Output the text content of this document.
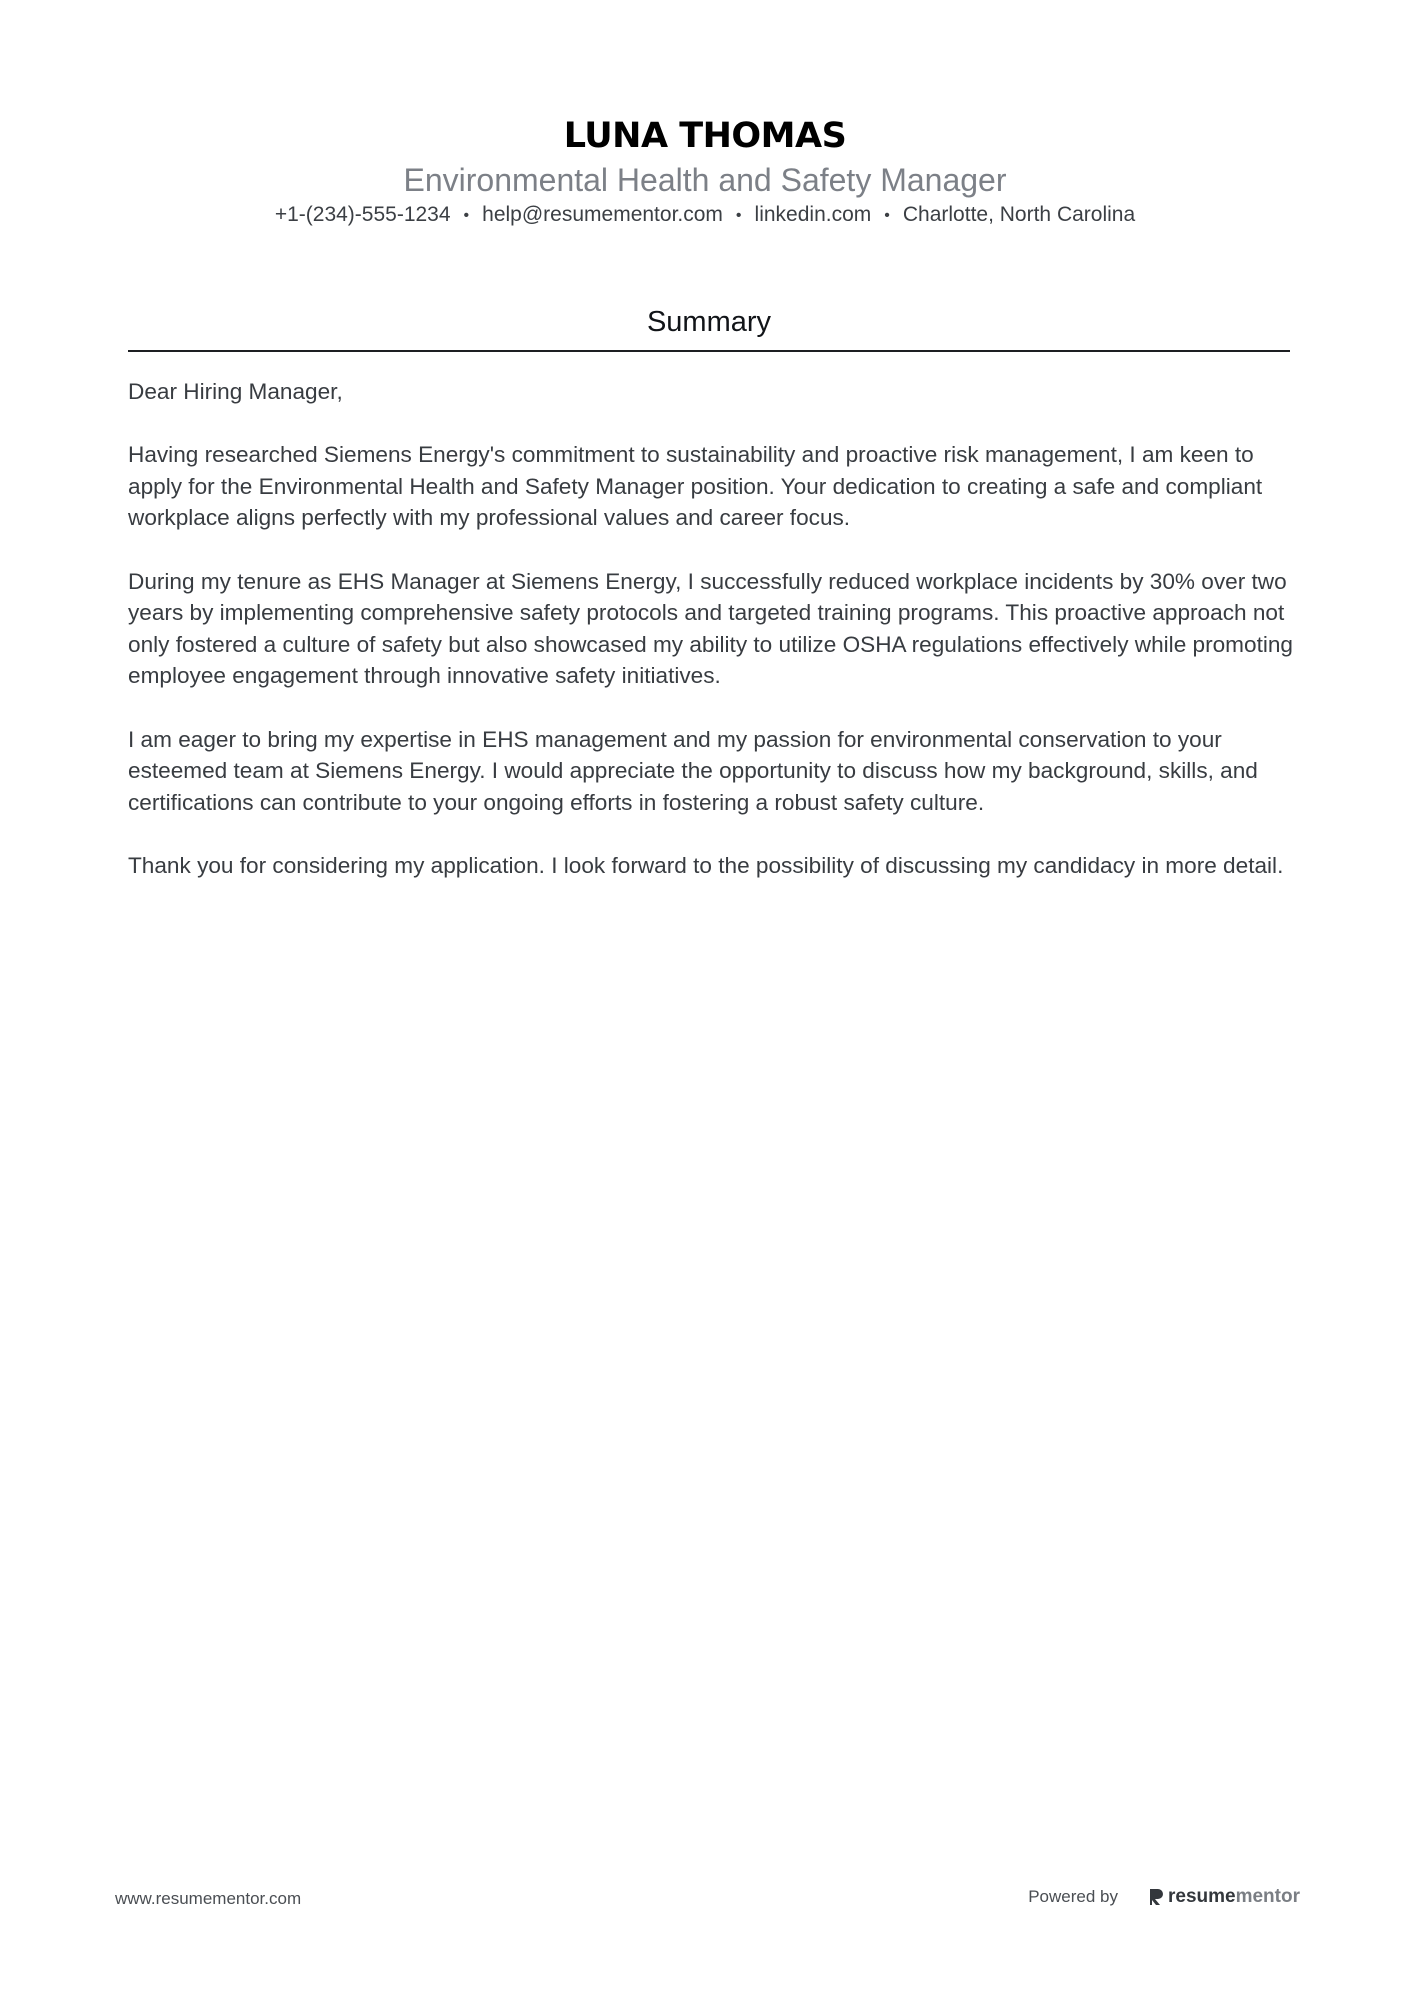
LUNA THOMAS
Environmental Health and Safety Manager
+1-(234)-555-1234 • help@resumementor.com • linkedin.com • Charlotte, North Carolina
Summary

Dear Hiring Manager,

Having researched Siemens Energy's commitment to sustainability and proactive risk management, I am keen to apply for the Environmental Health and Safety Manager position. Your dedication to creating a safe and compliant workplace aligns perfectly with my professional values and career focus.

During my tenure as EHS Manager at Siemens Energy, I successfully reduced workplace incidents by 30% over two years by implementing comprehensive safety protocols and targeted training programs. This proactive approach not only fostered a culture of safety but also showcased my ability to utilize OSHA regulations effectively while promoting employee engagement through innovative safety initiatives.

I am eager to bring my expertise in EHS management and my passion for environmental conservation to your esteemed team at Siemens Energy. I would appreciate the opportunity to discuss how my background, skills, and certifications can contribute to your ongoing efforts in fostering a robust safety culture.

Thank you for considering my application. I look forward to the possibility of discussing my candidacy in more detail.

www.resumementor.com	Powered by	resume mentor
